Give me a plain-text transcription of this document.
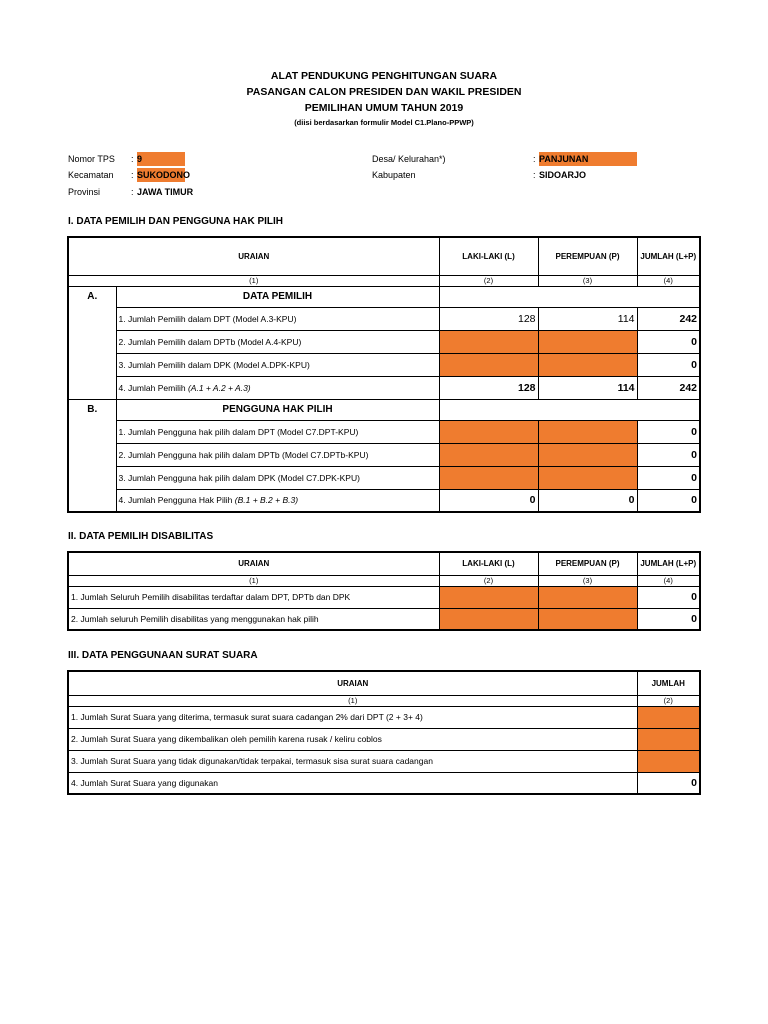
ALAT PENDUKUNG PENGHITUNGAN SUARA
PASANGAN CALON PRESIDEN DAN WAKIL PRESIDEN
PEMILIHAN UMUM TAHUN 2019
(diisi berdasarkan formulir Model C1.Plano-PPWP)
Nomor TPS : 9
Kecamatan : SUKODONO
Provinsi	: JAWA TIMUR
Desa/ Kelurahan*)	: PANJUNAN
Kabupaten	: SIDOARJO
I. DATA PEMILIH DAN PENGGUNA HAK PILIH
URAIAN		LAKI-LAKI (L)	PEREMPUAN (P)	JUMLAH (L+P)
(1)		(2)	(3)	(4)
A.	DATA PEMILIH			
	1. Jumlah Pemilih dalam DPT (Model A.3-KPU)	128	114	242
	2. Jumlah Pemilih dalam DPTb (Model A.4-KPU)			0
	3. Jumlah Pemilih dalam DPK (Model A.DPK-KPU)			0
	4. Jumlah Pemilih (A.1 + A.2 + A.3)	128	114	242
B.	PENGGUNA HAK PILIH			
	1. Jumlah Pengguna hak pilih dalam DPT (Model C7.DPT-KPU)			0
	2. Jumlah Pengguna hak pilih dalam DPTb (Model C7.DPTb-KPU)			0
	3. Jumlah Pengguna hak pilih dalam DPK (Model C7.DPK-KPU)			0
	4. Jumlah Pengguna Hak Pilih (B.1 + B.2 + B.3)	0	0	0
II. DATA PEMILIH DISABILITAS
URAIAN	LAKI-LAKI (L)	PEREMPUAN (P)	JUMLAH (L+P)
(1)	(2)	(3)	(4)
1. Jumlah Seluruh Pemilih disabilitas terdaftar dalam DPT, DPTb dan DPK			0
2. Jumlah seluruh Pemilih disabilitas yang menggunakan hak pilih			0
III. DATA PENGGUNAAN SURAT SUARA
URAIAN	JUMLAH
(1)	(2)
1. Jumlah Surat Suara yang diterima, termasuk surat suara cadangan 2% dari DPT (2 + 3+ 4)	
2. Jumlah Surat Suara yang dikembalikan oleh pemilih karena rusak / keliru coblos	
3. Jumlah Surat Suara yang tidak digunakan/tidak terpakai, termasuk sisa surat suara cadangan	
4. Jumlah Surat Suara yang digunakan	0
